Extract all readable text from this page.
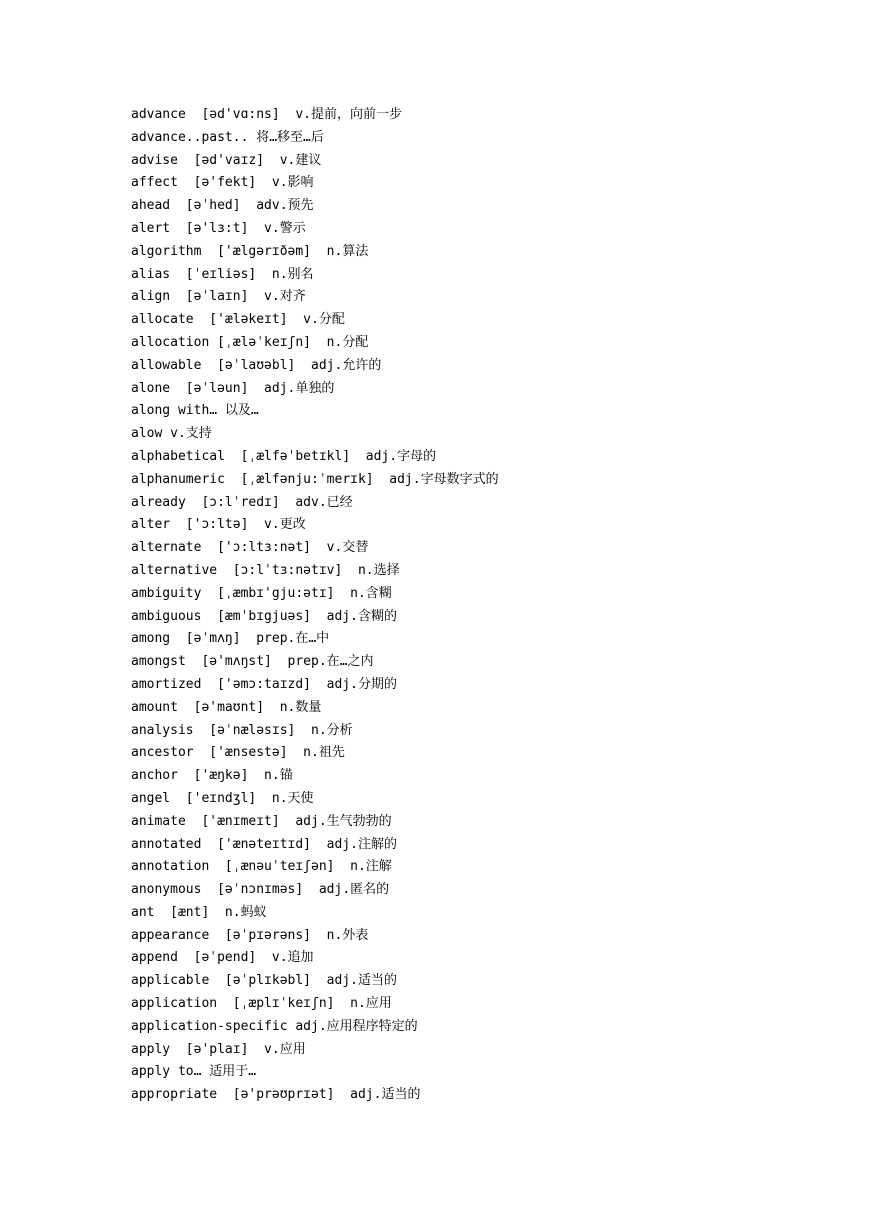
advance  [əd'vɑ:ns]  v.提前，向前一步
advance..past.. 将…移至…后
advise  [əd'vaɪz]  v.建议
affect  [ə'fekt]  v.影响
ahead  [əˈhed]  adv.预先
alert  [ə'lɜ:t]  v.警示
algorithm  ['ælgərɪðəm]  n.算法
alias  [ˈeɪliəs]  n.别名
align  [əˈlaɪn]  v.对齐
allocate  ['æləkeɪt]  v.分配
allocation [ˌæləˈkeɪʃn]  n.分配
allowable  [əˈlaʊəbl]  adj.允许的
alone  [əˈləun]  adj.单独的
along with… 以及…
alow v.支持
alphabetical  [ˌælfəˈbetɪkl]  adj.字母的
alphanumeric  [ˌælfənju:ˈmerɪk]  adj.字母数字式的
already  [ɔ:lˈredɪ]  adv.已经
alter  ['ɔ:ltə]  v.更改
alternate  ['ɔ:ltɜ:nət]  v.交替
alternative  [ɔ:lˈtɜ:nətɪv]  n.选择
ambiguity  [ˌæmbɪ'gju:ətɪ]  n.含糊
ambiguous  [æmˈbɪgjuəs]  adj.含糊的
among  [əˈmʌŋ]  prep.在…中
amongst  [ə'mʌŋst]  prep.在…之内
amortized  ['əmɔ:taɪzd]  adj.分期的
amount  [ə'maʊnt]  n.数量
analysis  [əˈnæləsɪs]  n.分析
ancestor  ['ænsestə]  n.祖先
anchor  ['æŋkə]  n.锚
angel  ['eɪndʒl]  n.天使
animate  ['ænɪmeɪt]  adj.生气勃勃的
annotated  ['ænəteɪtɪd]  adj.注解的
annotation  [ˌænəuˈteɪʃən]  n.注解
anonymous  [əˈnɔnɪməs]  adj.匿名的
ant  [ænt]  n.蚂蚁
appearance  [əˈpɪərəns]  n.外表
append  [əˈpend]  v.追加
applicable  [əˈplɪkəbl]  adj.适当的
application  [ˌæplɪˈkeɪʃn]  n.应用
application-specific adj.应用程序特定的
apply  [ə'plaɪ]  v.应用
apply to… 适用于…
appropriate  [ə'prəʊprɪət]  adj.适当的
